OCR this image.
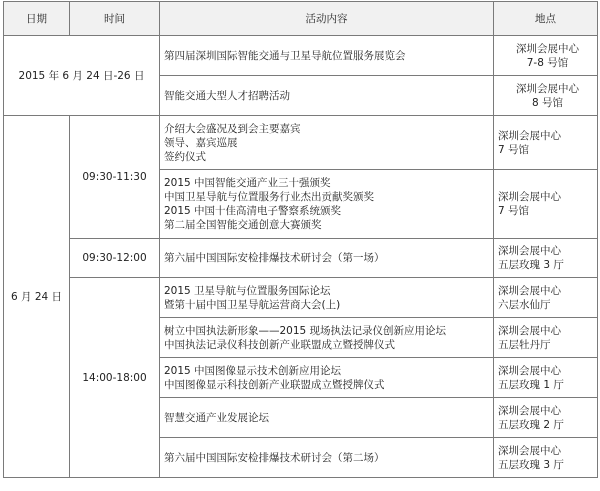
日期	时间	活动内容	地点
2015 年 6 月 24 日-26 日		第四届深圳国际智能交通与卫星导航位置服务展览会	深圳会展中心
7-8 号馆

		智能交通大型人才招聘活动	深圳会展中心
8 号馆

6 月 24 日	09:30-11:30	介绍大会盛况及到会主要嘉宾
领导、嘉宾巡展
签约仪式	深圳会展中心
7 号馆

		2015 中国智能交通产业三十强颁奖
中国卫星导航与位置服务行业杰出贡献奖颁奖
2015 中国十佳高清电子警察系统颁奖
第二届全国智能交通创意大赛颁奖	深圳会展中心
7 号馆

	09:30-12:00	第六届中国国际安检排爆技术研讨会（第一场）	深圳会展中心
五层玫瑰 3 厅

	14:00-18:00	2015 卫星导航与位置服务国际论坛
暨第十届中国卫星导航运营商大会(上)	深圳会展中心
六层水仙厅

		树立中国执法新形象——2015 现场执法记录仪创新应用论坛
中国执法记录仪科技创新产业联盟成立暨授牌仪式	深圳会展中心
五层牡丹厅

		2015 中国图像显示技术创新应用论坛
中国图像显示科技创新产业联盟成立暨授牌仪式	深圳会展中心
五层玫瑰 1 厅

		智慧交通产业发展论坛	深圳会展中心
五层玫瑰 2 厅

		第六届中国国际安检排爆技术研讨会（第二场）	深圳会展中心
五层玫瑰 3 厅
